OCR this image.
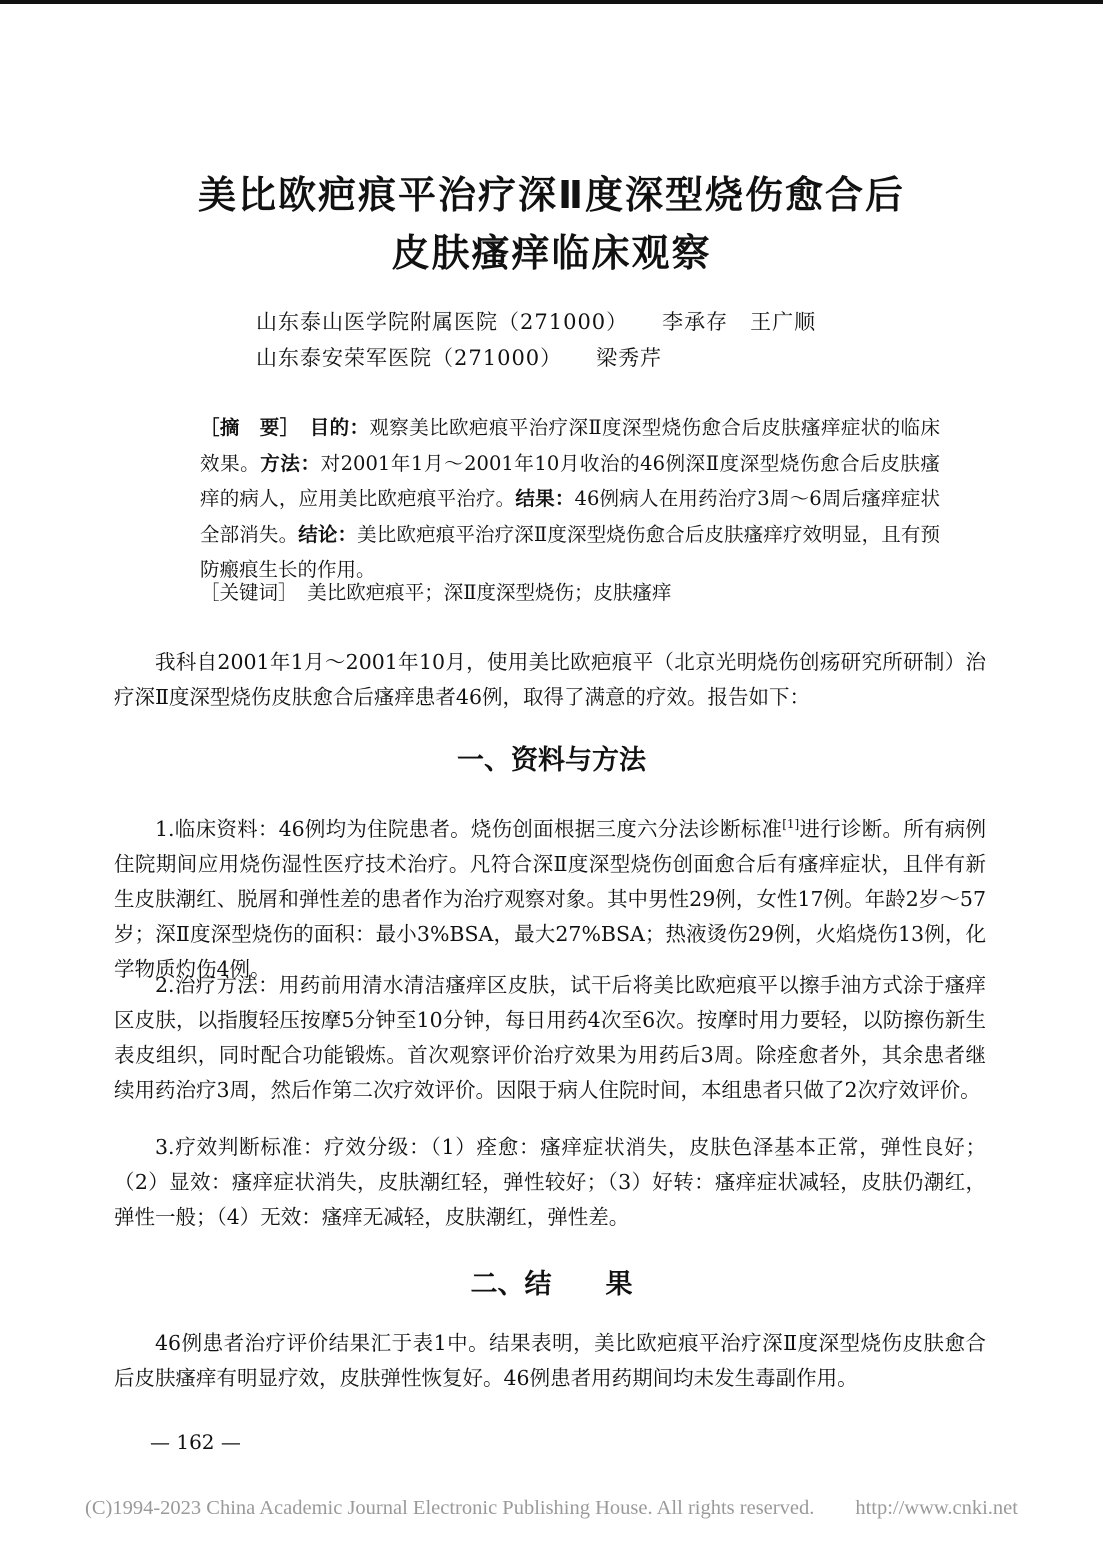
美比欧疤痕平治疗深Ⅱ度深型烧伤愈合后
皮肤瘙痒临床观察
山东泰山医学院附属医院（271000） 李承存　王广顺
山东泰安荣军医院（271000） 梁秀芹
［摘　要］　 目的：观察美比欧疤痕平治疗深Ⅱ度深型烧伤愈合后皮肤瘙痒症状的临床效果。方法：对2001年1月～2001年10月收治的46例深Ⅱ度深型烧伤愈合后皮肤瘙痒的病人，应用美比欧疤痕平治疗。结果：46例病人在用药治疗3周～6周后瘙痒症状全部消失。结论：美比欧疤痕平治疗深Ⅱ度深型烧伤愈合后皮肤瘙痒疗效明显，且有预防瘢痕生长的作用。
［关键词］　 美比欧疤痕平；深Ⅱ度深型烧伤；皮肤瘙痒
我科自2001年1月～2001年10月，使用美比欧疤痕平（北京光明烧伤创疡研究所研制）治疗深Ⅱ度深型烧伤皮肤愈合后瘙痒患者46例，取得了满意的疗效。报告如下：
一、资料与方法
1.临床资料：46例均为住院患者。烧伤创面根据三度六分法诊断标准[1]进行诊断。所有病例住院期间应用烧伤湿性医疗技术治疗。凡符合深Ⅱ度深型烧伤创面愈合后有瘙痒症状，且伴有新生皮肤潮红、脱屑和弹性差的患者作为治疗观察对象。其中男性29例，女性17例。年龄2岁～57岁；深Ⅱ度深型烧伤的面积：最小3%BSA，最大27%BSA；热液烫伤29例，火焰烧伤13例，化学物质灼伤4例。
2.治疗方法：用药前用清水清洁瘙痒区皮肤，试干后将美比欧疤痕平以擦手油方式涂于瘙痒区皮肤，以指腹轻压按摩5分钟至10分钟，每日用药4次至6次。按摩时用力要轻，以防擦伤新生表皮组织，同时配合功能锻炼。首次观察评价治疗效果为用药后3周。除痊愈者外，其余患者继续用药治疗3周，然后作第二次疗效评价。因限于病人住院时间，本组患者只做了2次疗效评价。
3.疗效判断标准：疗效分级：（1）痊愈：瘙痒症状消失，皮肤色泽基本正常，弹性良好；（2）显效：瘙痒症状消失，皮肤潮红轻，弹性较好；（3）好转：瘙痒症状减轻，皮肤仍潮红，弹性一般；（4）无效：瘙痒无减轻，皮肤潮红，弹性差。
二、结　　果
46例患者治疗评价结果汇于表1中。结果表明，美比欧疤痕平治疗深Ⅱ度深型烧伤皮肤愈合后皮肤瘙痒有明显疗效，皮肤弹性恢复好。46例患者用药期间均未发生毒副作用。
— 162 —
(C)1994-2023 China Academic Journal Electronic Publishing House. All rights reserved.　　http://www.cnki.net
